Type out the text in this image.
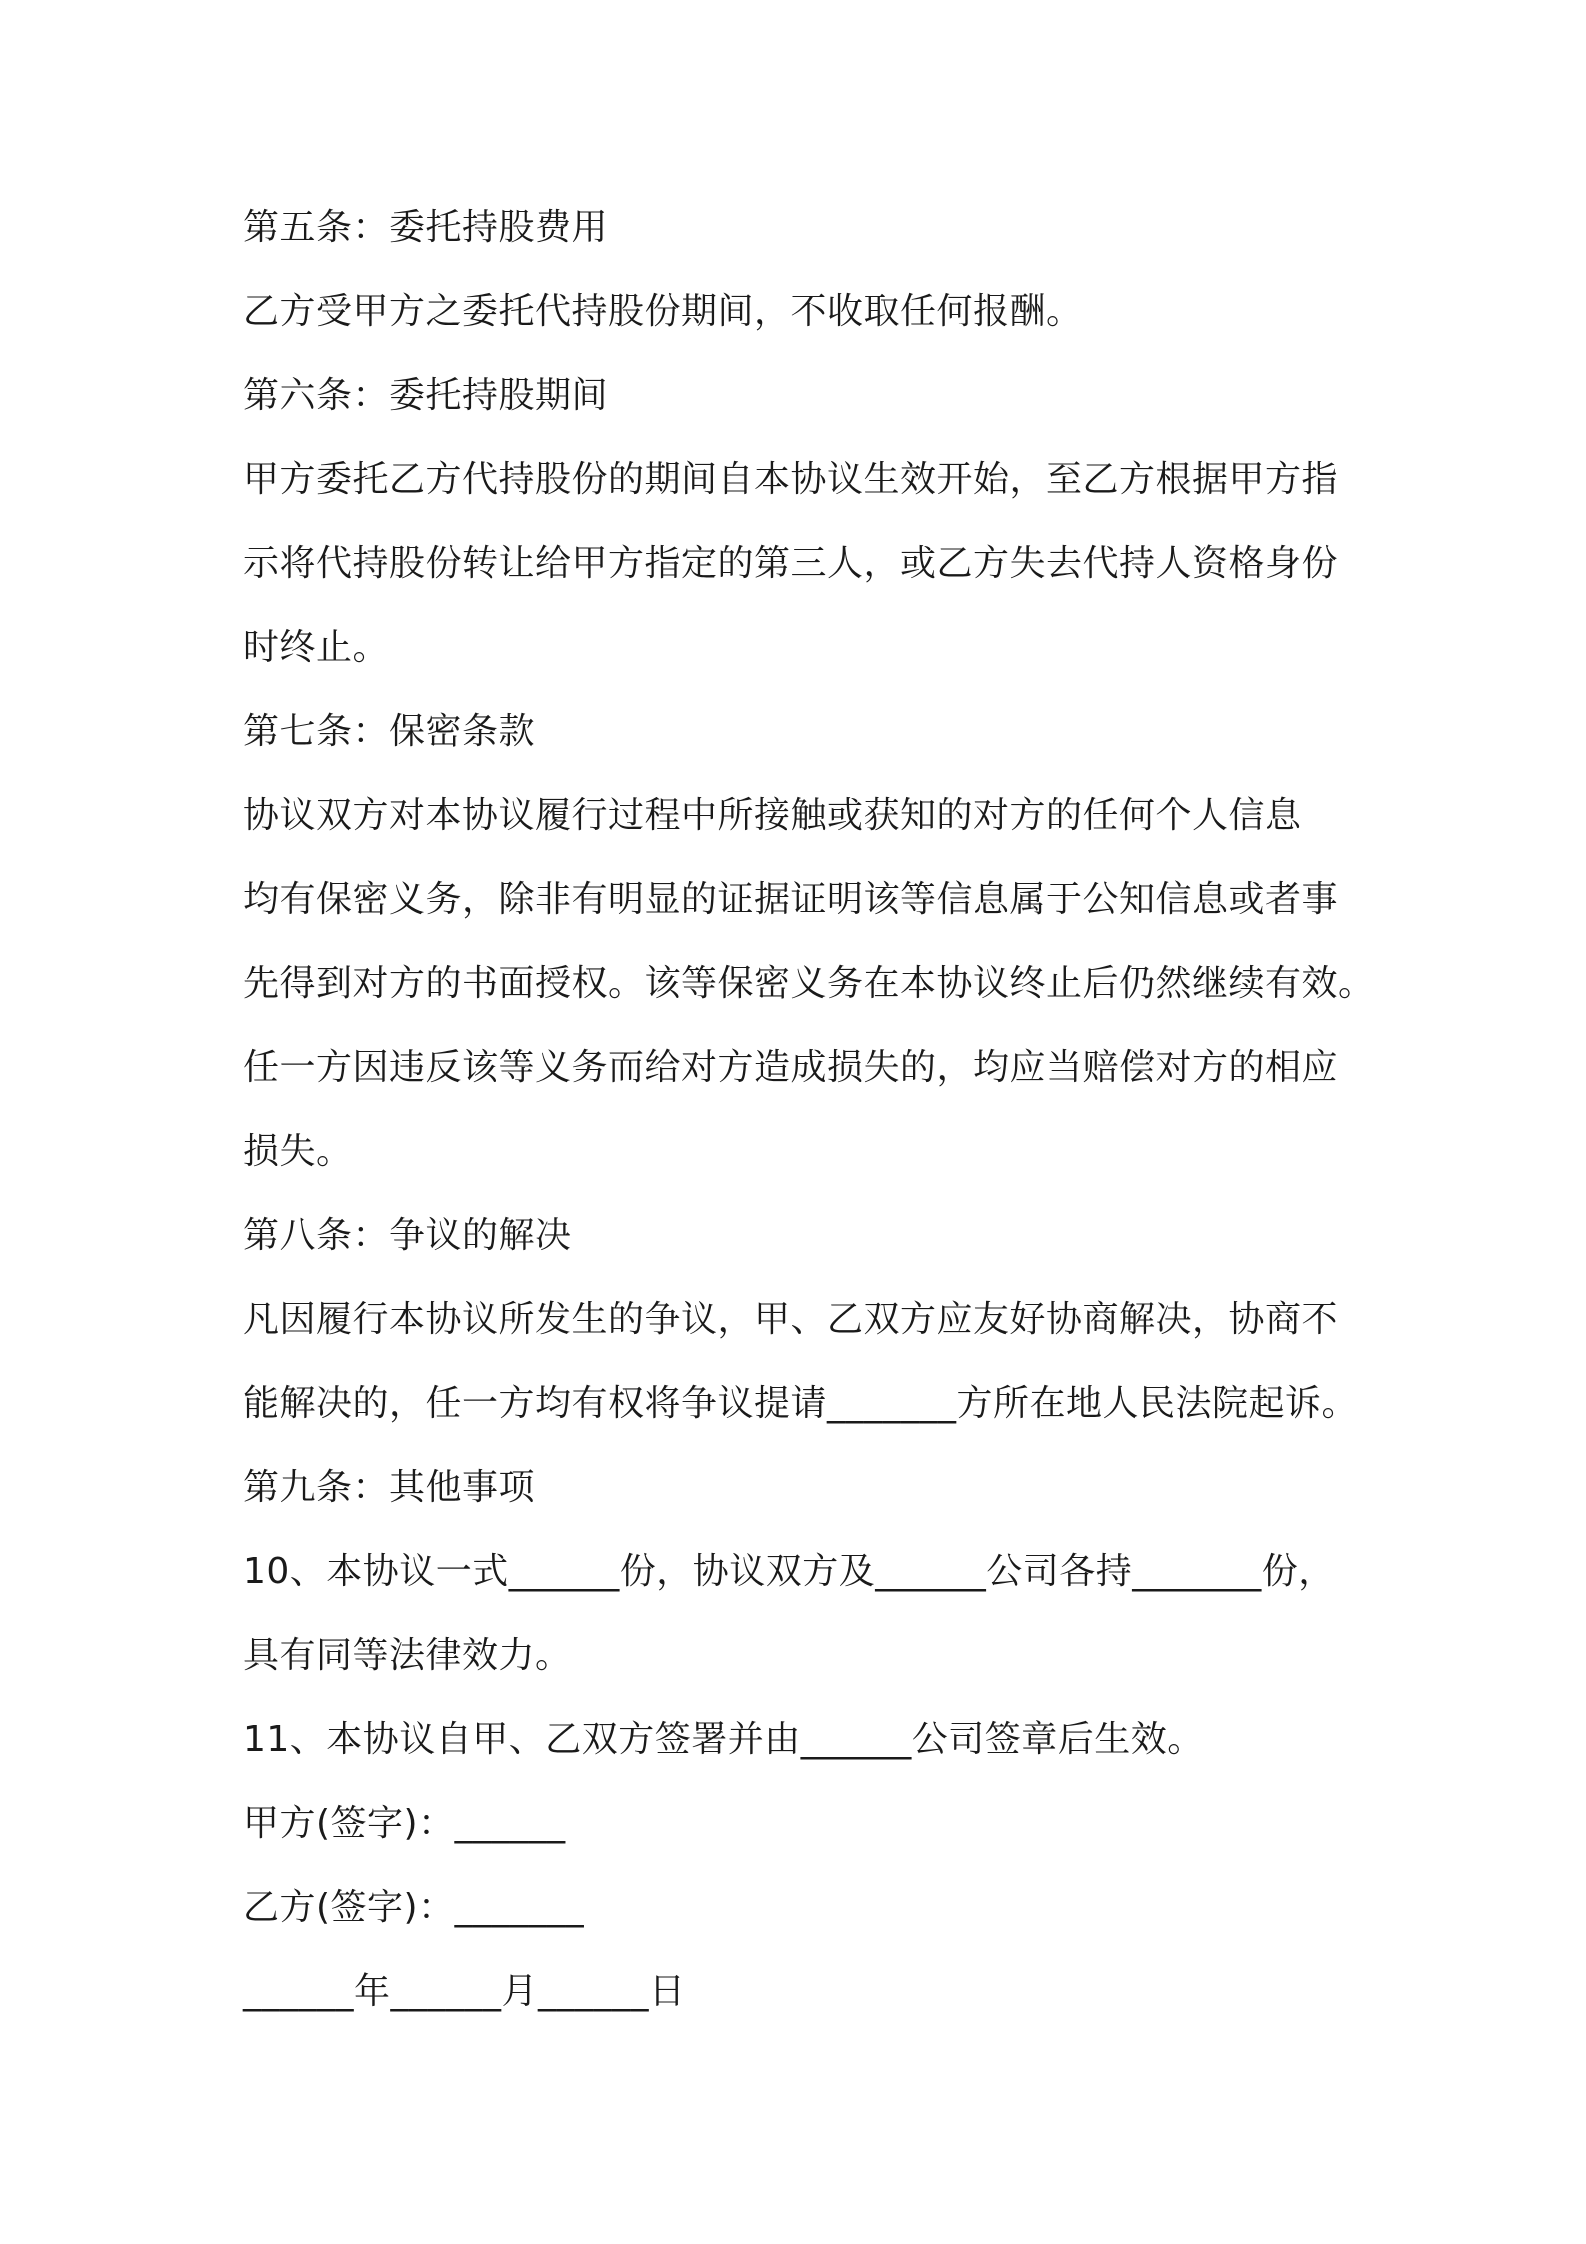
第五条：委托持股费用
乙方受甲方之委托代持股份期间，不收取任何报酬。
第六条：委托持股期间
甲方委托乙方代持股份的期间自本协议生效开始，至乙方根据甲方指
示将代持股份转让给甲方指定的第三人，或乙方失去代持人资格身份
时终止。
第七条：保密条款
协议双方对本协议履行过程中所接触或获知的对方的任何个人信息
均有保密义务，除非有明显的证据证明该等信息属于公知信息或者事
先得到对方的书面授权。该等保密义务在本协议终止后仍然继续有效。
任一方因违反该等义务而给对方造成损失的，均应当赔偿对方的相应
损失。
第八条：争议的解决
凡因履行本协议所发生的争议，甲、乙双方应友好协商解决，协商不
能解决的，任一方均有权将争议提请_______方所在地人民法院起诉。
第九条：其他事项
10、本协议一式______份，协议双方及______公司各持_______份，
具有同等法律效力。
11、本协议自甲、乙双方签署并由______公司签章后生效。
甲方(签字)：______
乙方(签字)：_______
______年______月______日
